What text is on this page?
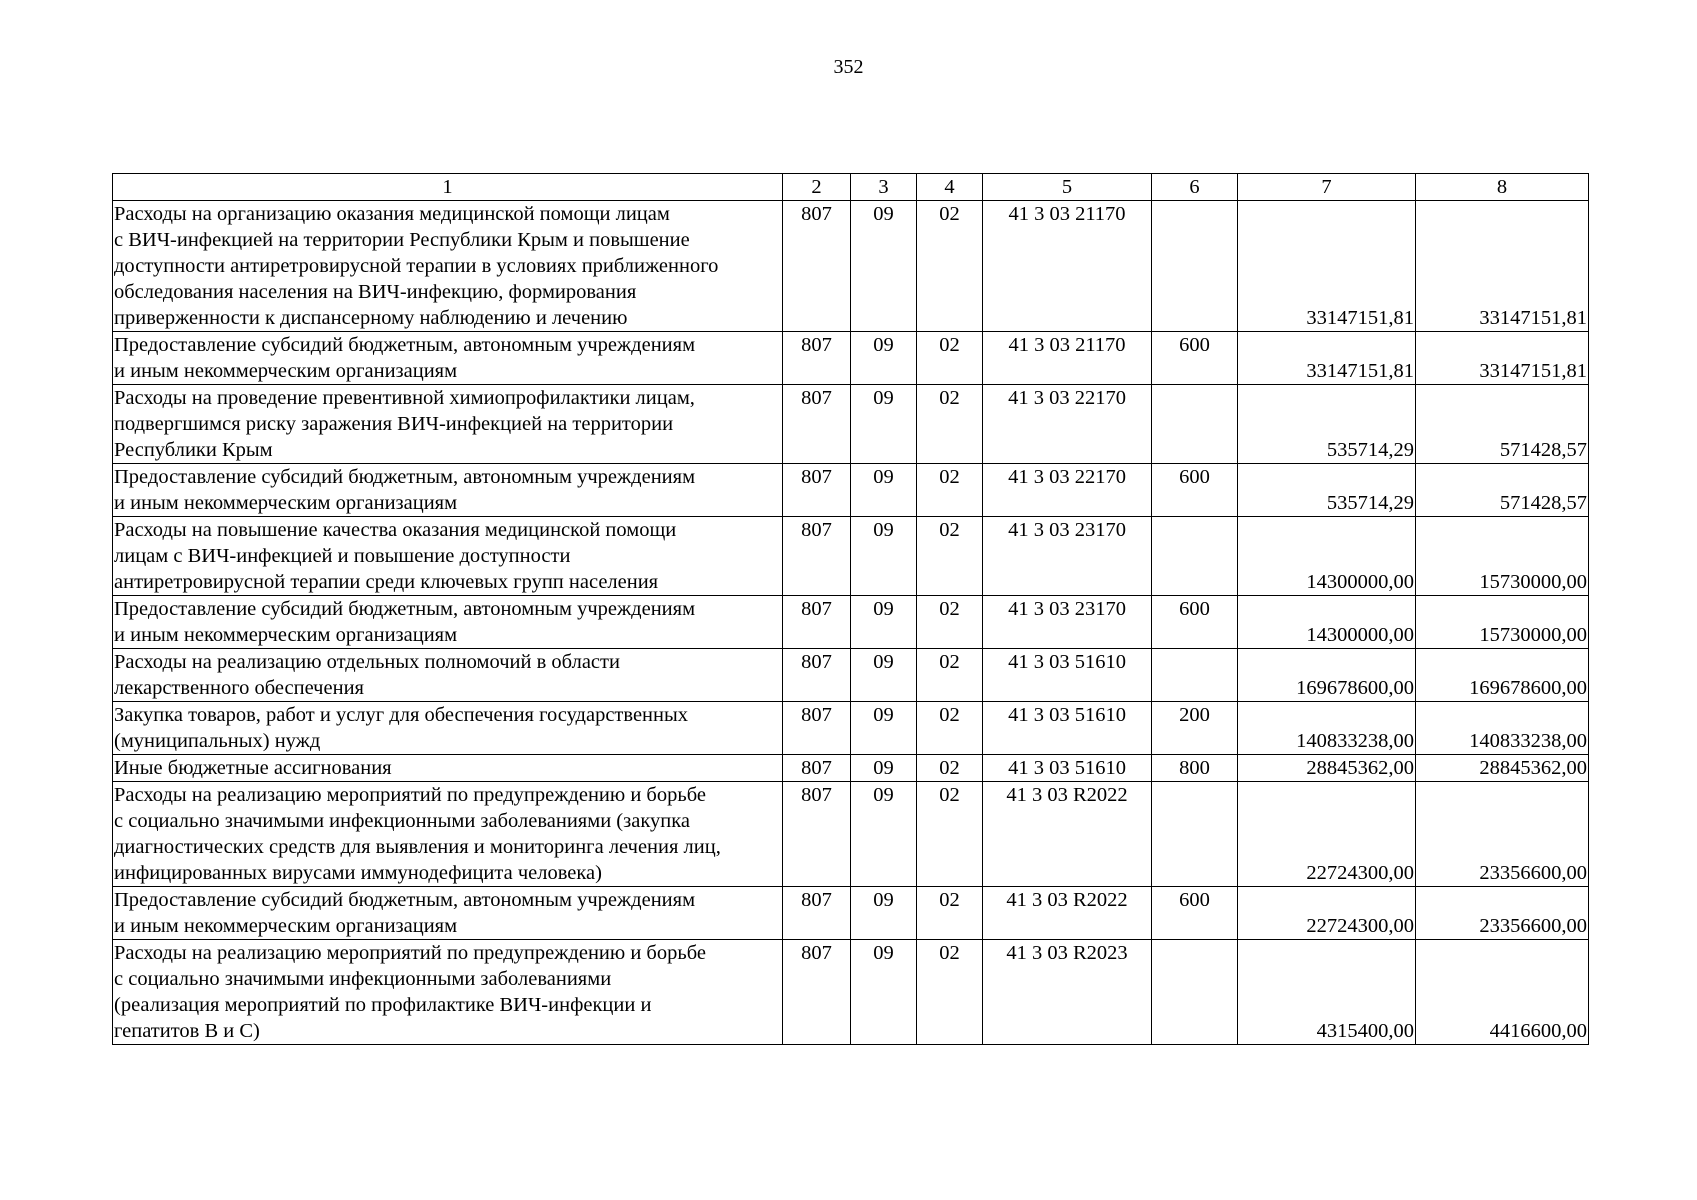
352
1	2	3	4	5	6	7	8
Расходы на организацию оказания медицинской помощи лицам
с ВИЧ-инфекцией на территории Республики Крым и повышение
доступности антиретровирусной терапии в условиях приближенного
обследования населения на ВИЧ-инфекцию, формирования
приверженности к диспансерному наблюдению и лечению	807	09	02	41 3 03 21170		33147151,81	33147151,81
Предоставление субсидий бюджетным, автономным учреждениям
и иным некоммерческим организациям	807	09	02	41 3 03 21170	600	33147151,81	33147151,81
Расходы на проведение превентивной химиопрофилактики лицам,
подвергшимся риску заражения ВИЧ-инфекцией на территории
Республики Крым	807	09	02	41 3 03 22170		535714,29	571428,57
Предоставление субсидий бюджетным, автономным учреждениям
и иным некоммерческим организациям	807	09	02	41 3 03 22170	600	535714,29	571428,57
Расходы на повышение качества оказания медицинской помощи
лицам с ВИЧ-инфекцией и повышение доступности
антиретровирусной терапии среди ключевых групп населения	807	09	02	41 3 03 23170		14300000,00	15730000,00
Предоставление субсидий бюджетным, автономным учреждениям
и иным некоммерческим организациям	807	09	02	41 3 03 23170	600	14300000,00	15730000,00
Расходы на реализацию отдельных полномочий в области
лекарственного обеспечения	807	09	02	41 3 03 51610		169678600,00	169678600,00
Закупка товаров, работ и услуг для обеспечения государственных
(муниципальных) нужд	807	09	02	41 3 03 51610	200	140833238,00	140833238,00
Иные бюджетные ассигнования	807	09	02	41 3 03 51610	800	28845362,00	28845362,00
Расходы на реализацию мероприятий по предупреждению и борьбе
с социально значимыми инфекционными заболеваниями (закупка
диагностических средств для выявления и мониторинга лечения лиц,
инфицированных вирусами иммунодефицита человека)	807	09	02	41 3 03 R2022		22724300,00	23356600,00
Предоставление субсидий бюджетным, автономным учреждениям
и иным некоммерческим организациям	807	09	02	41 3 03 R2022	600	22724300,00	23356600,00
Расходы на реализацию мероприятий по предупреждению и борьбе
с социально значимыми инфекционными заболеваниями
(реализация мероприятий по профилактике ВИЧ-инфекции и
гепатитов В и С)	807	09	02	41 3 03 R2023		4315400,00	4416600,00
